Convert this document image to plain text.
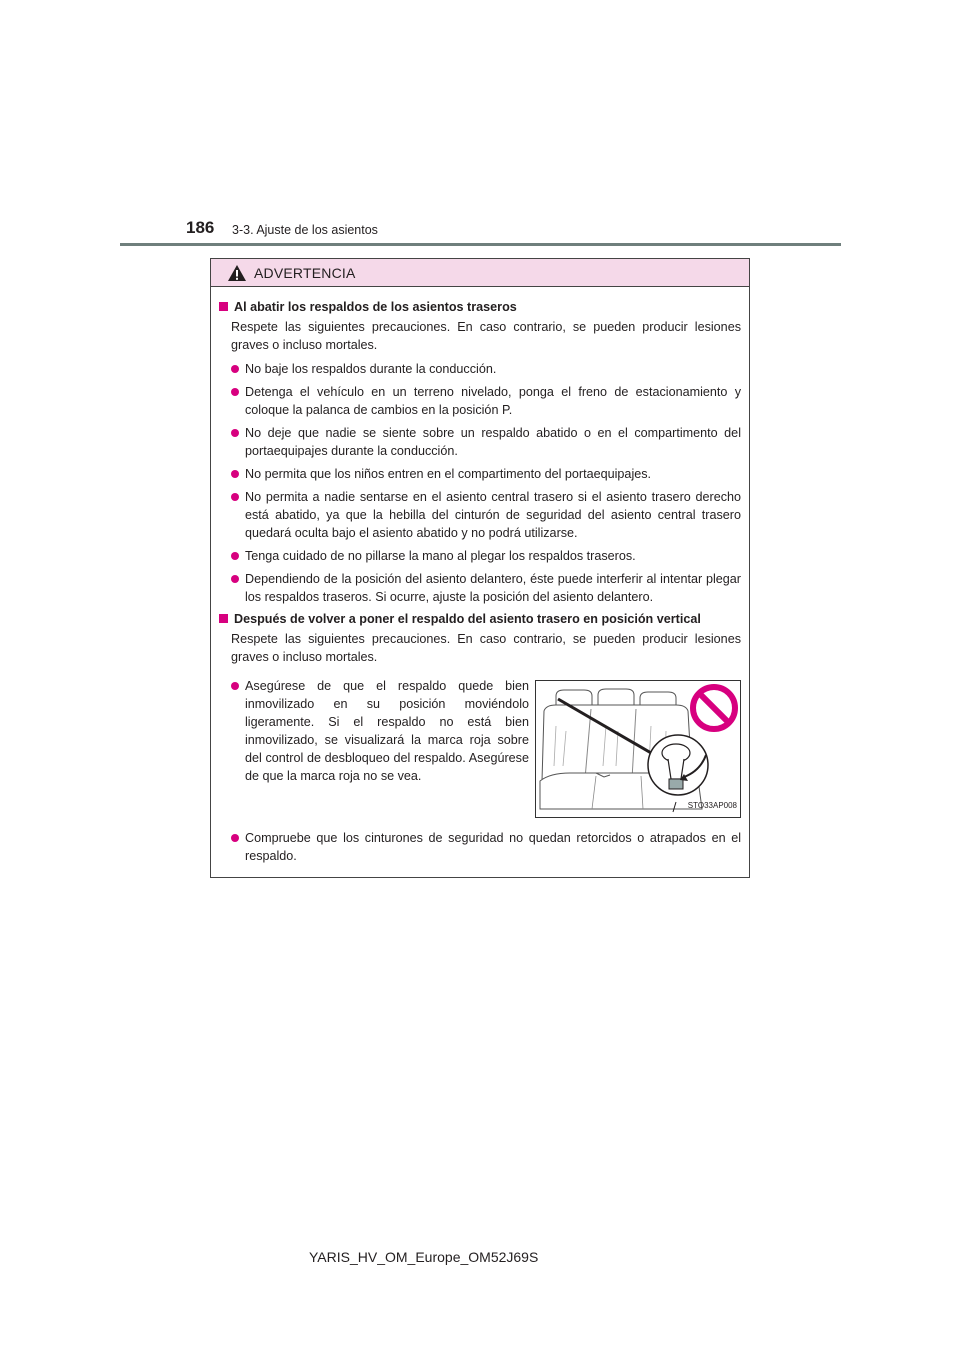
186 3-3. Ajuste de los asientos
ADVERTENCIA
Al abatir los respaldos de los asientos traseros

Respete las siguientes precauciones. En caso contrario, se pueden producir lesiones graves o incluso mortales.

No baje los respaldos durante la conducción.
Detenga el vehículo en un terreno nivelado, ponga el freno de estacionamiento y coloque la palanca de cambios en la posición P.
No deje que nadie se siente sobre un respaldo abatido o en el compartimento del portaequipajes durante la conducción.
No permita que los niños entren en el compartimento del portaequipajes.
No permita a nadie sentarse en el asiento central trasero si el asiento trasero derecho está abatido, ya que la hebilla del cinturón de seguridad del asiento central trasero quedará oculta bajo el asiento abatido y no podrá utilizarse.
Tenga cuidado de no pillarse la mano al plegar los respaldos traseros.
Dependiendo de la posición del asiento delantero, éste puede interferir al intentar plegar los respaldos traseros. Si ocurre, ajuste la posición del asiento delantero.
Después de volver a poner el respaldo del asiento trasero en posición vertical

Respete las siguientes precauciones. En caso contrario, se pueden producir lesiones graves o incluso mortales.

Asegúrese de que el respaldo quede bien inmovilizado en su posición moviéndolo ligeramente. Si el respaldo no está bien inmovilizado, se visualizará la marca roja sobre del control de desbloqueo del respaldo. Asegúrese de que la marca roja no se vea.
STO33AP008
Compruebe que los cinturones de seguridad no quedan retorcidos o atrapados en el respaldo.
YARIS_HV_OM_Europe_OM52J69S
